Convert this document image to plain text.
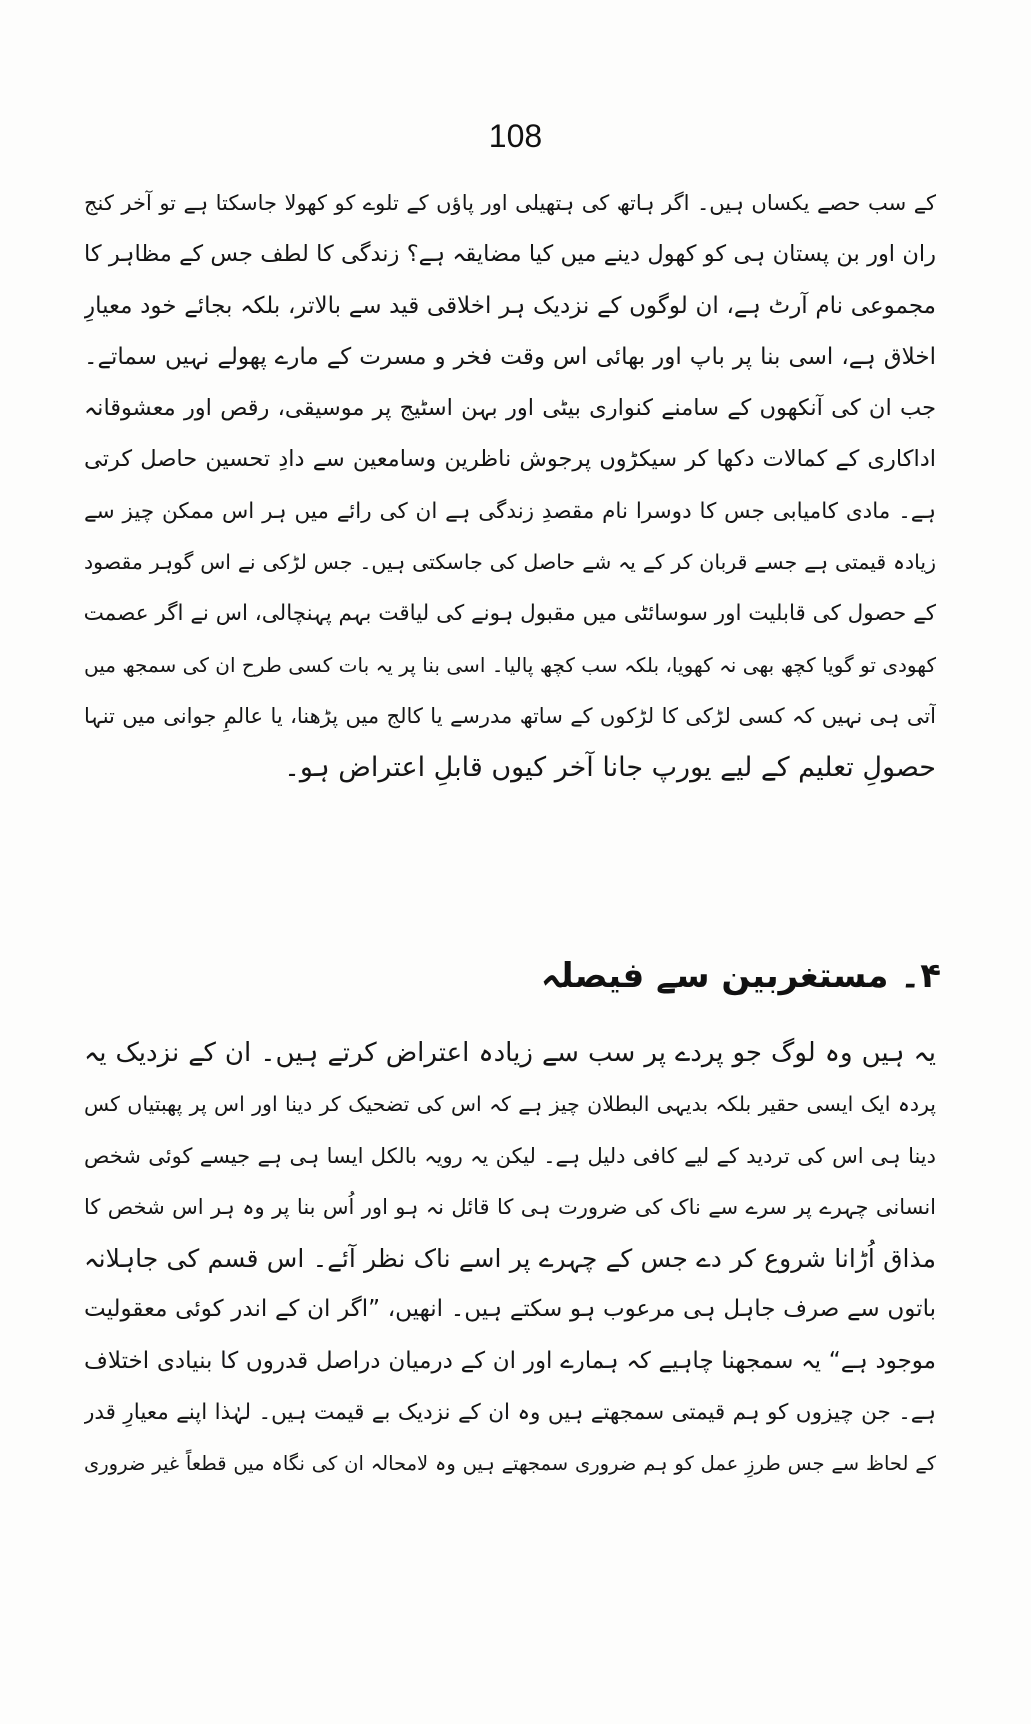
108
کے سب حصے یکساں ہیں۔ اگر ہاتھ کی ہتھیلی اور پاؤں کے تلوے کو کھولا جاسکتا ہے تو آخر کنج
ران اور بن پستان ہی کو کھول دینے میں کیا مضایقہ ہے؟ زندگی کا لطف جس کے مظاہر کا
مجموعی نام آرٹ ہے، ان لوگوں کے نزدیک ہر اخلاقی قید سے بالاتر، بلکہ بجائے خود معیارِ
اخلاق ہے، اسی بنا پر باپ اور بھائی اس وقت فخر و مسرت کے مارے پھولے نہیں سماتے۔
جب ان کی آنکھوں کے سامنے کنواری بیٹی اور بہن اسٹیج پر موسیقی، رقص اور معشوقانہ
اداکاری کے کمالات دکھا کر سیکڑوں پرجوش ناظرین وسامعین سے دادِ تحسین حاصل کرتی
ہے۔ مادی کامیابی جس کا دوسرا نام مقصدِ زندگی ہے ان کی رائے میں ہر اس ممکن چیز سے
زیادہ قیمتی ہے جسے قربان کر کے یہ شے حاصل کی جاسکتی ہیں۔ جس لڑکی نے اس گوہر مقصود
کے حصول کی قابلیت اور سوسائٹی میں مقبول ہونے کی لیاقت بہم پہنچالی، اس نے اگر عصمت
کھودی تو گویا کچھ بھی نہ کھویا، بلکہ سب کچھ پالیا۔ اسی بنا پر یہ بات کسی طرح ان کی سمجھ میں
آتی ہی نہیں کہ کسی لڑکی کا لڑکوں کے ساتھ مدرسے یا کالج میں پڑھنا، یا عالمِ جوانی میں تنہا
حصولِ تعلیم کے لیے یورپ جانا آخر کیوں قابلِ اعتراض ہو۔
۴۔ مستغربین سے فیصلہ
یہ ہیں وہ لوگ جو پردے پر سب سے زیادہ اعتراض کرتے ہیں۔ ان کے نزدیک یہ
پردہ ایک ایسی حقیر بلکہ بدیہی البطلان چیز ہے کہ اس کی تضحیک کر دینا اور اس پر پھبتیاں کس
دینا ہی اس کی تردید کے لیے کافی دلیل ہے۔ لیکن یہ رویہ بالکل ایسا ہی ہے جیسے کوئی شخص
انسانی چہرے پر سرے سے ناک کی ضرورت ہی کا قائل نہ ہو اور اُس بنا پر وہ ہر اس شخص کا
مذاق اُڑانا شروع کر دے جس کے چہرے پر اسے ناک نظر آئے۔ اس قسم کی جاہلانہ
باتوں سے صرف جاہل ہی مرعوب ہو سکتے ہیں۔ انھیں، ”اگر ان کے اندر کوئی معقولیت
موجود ہے“ یہ سمجھنا چاہیے کہ ہمارے اور ان کے درمیان دراصل قدروں کا بنیادی اختلاف
ہے۔ جن چیزوں کو ہم قیمتی سمجھتے ہیں وہ ان کے نزدیک بے قیمت ہیں۔ لہٰذا اپنے معیارِ قدر
کے لحاظ سے جس طرزِ عمل کو ہم ضروری سمجھتے ہیں وہ لامحالہ ان کی نگاہ میں قطعاً غیر ضروری
